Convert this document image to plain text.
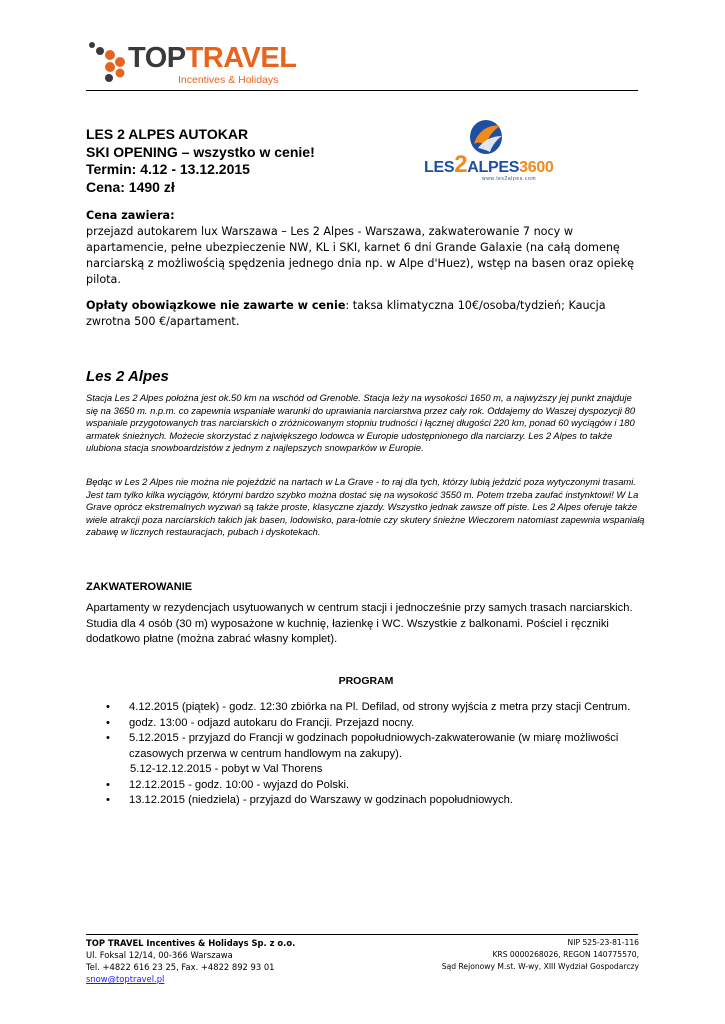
TOPTRAVEL
Incentives & Holidays

LES 2 ALPES AUTOKAR

SKI OPENING – wszystko w cenie!

Termin: 4.12 - 13.12.2015

Cena: 1490 zł

LES2ALPES3600
www.les2alpes.com
Cena zawiera:
przejazd autokarem lux Warszawa – Les 2 Alpes - Warszawa, zakwaterowanie 7 nocy w apartamencie, pełne ubezpieczenie NW, KL i SKI, karnet 6 dni Grande Galaxie (na całą domenę narciarską z możliwością spędzenia jednego dnia np. w Alpe d'Huez), wstęp na basen oraz opiekę pilota.
Opłaty obowiązkowe nie zawarte w cenie: taksa klimatyczna 10€/osoba/tydzień; Kaucja zwrotna 500 €/apartament.
Les 2 Alpes

Stacja Les 2 Alpes położna jest ok.50 km na wschód od Grenoble. Stacja leży na wysokości 1650 m, a najwyższy jej punkt znajduje się na 3650 m. n.p.m. co zapewnia wspaniałe warunki do uprawiania narciarstwa przez cały rok. Oddajemy do Waszej dyspozycji 80 wspaniale przygotowanych tras narciarskich o zróżnicowanym stopniu trudności i łącznej długości 220 km, ponad 60 wyciągów i 180 armatek śnieżnych. Możecie skorzystać z największego lodowca w Europie udostępnionego dla narciarzy. Les 2 Alpes to także ulubiona stacja snowboardzistów z jednym z najlepszych snowparków w Europie.

Będąc w Les 2 Alpes nie można nie pojeździć na nartach w La Grave - to raj dla tych, którzy lubią jeździć poza wytyczonymi trasami. Jest tam tylko kilka wyciągów, którymi bardzo szybko można dostać się na wysokość 3550 m. Potem trzeba zaufać instynktowi! W La Grave oprócz ekstremalnych wyzwań są także proste, klasyczne zjazdy. Wszystko jednak zawsze off piste. Les 2 Alpes oferuje także wiele atrakcji poza narciarskich takich jak basen, lodowisko, para-lotnie czy skutery śnieżne Wieczorem natomiast zapewnia wspaniałą zabawę w licznych restauracjach, pubach i dyskotekach.

ZAKWATEROWANIE

Apartamenty w rezydencjach usytuowanych w centrum stacji i jednocześnie przy samych trasach narciarskich. Studia dla 4 osób (30 m) wyposażone w kuchnię, łazienkę i WC. Wszystkie z balkonami. Pościel i ręczniki dodatkowo płatne (można zabrać własny komplet).

PROGRAM
• 4.12.2015 (piątek) - godz. 12:30 zbiórka na Pl. Defilad, od strony wyjścia z metra przy stacji Centrum.
• godz. 13:00 - odjazd autokaru do Francji. Przejazd nocny.
• 5.12.2015 - przyjazd do Francji w godzinach popołudniowych-zakwaterowanie (w miarę możliwości czasowych przerwa w centrum handlowym na zakupy).
5.12-12.12.2015 - pobyt w Val Thorens
• 12.12.2015 - godz. 10:00 - wyjazd do Polski.
• 13.12.2015 (niedziela) - przyjazd do Warszawy w godzinach popołudniowych.
TOP TRAVEL Incentives & Holidays Sp. z o.o.
Ul. Foksal 12/14, 00-366 Warszawa
Tel. +4822 616 23 25, Fax. +4822 892 93 01
snow@toptravel.pl
NIP 525-23-81-116
KRS 0000268026, REGON 140775570,
Sąd Rejonowy M.st. W-wy, XIII Wydział Gospodarczy
